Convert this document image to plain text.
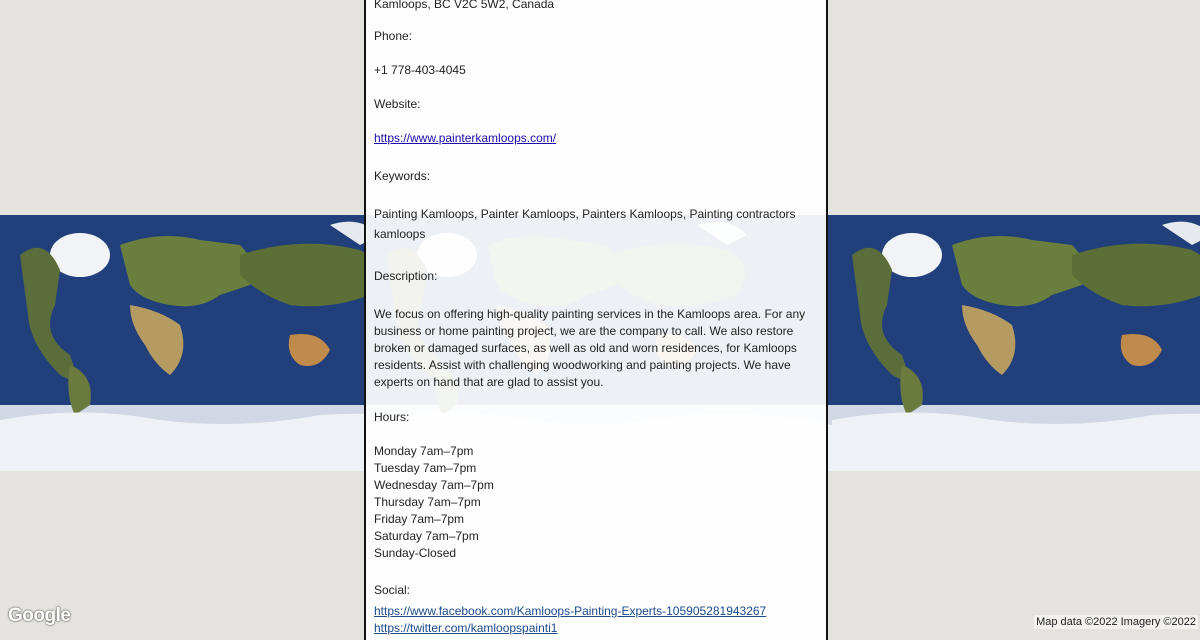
Kamloops, BC V2C 5W2, Canada

Phone:

+1 778-403-4045

Website:

https://www.painterkamloops.com/

Keywords:

Painting Kamloops, Painter Kamloops, Painters Kamloops, Painting contractors kamloops

Description:

We focus on offering high-quality painting services in the Kamloops area. For any business or home painting project, we are the company to call. We also restore broken or damaged surfaces, as well as old and worn residences, for Kamloops residents. Assist with challenging woodworking and painting projects. We have experts on hand that are glad to assist you.

Hours:

Monday 7am–7pm
Tuesday 7am–7pm
Wednesday 7am–7pm
Thursday 7am–7pm
Friday 7am–7pm
Saturday 7am–7pm
Sunday-Closed

Social:

https://www.facebook.com/Kamloops-Painting-Experts-105905281943267
https://twitter.com/kamloopspainti1
Google	Map data ©2022 Imagery ©2022
